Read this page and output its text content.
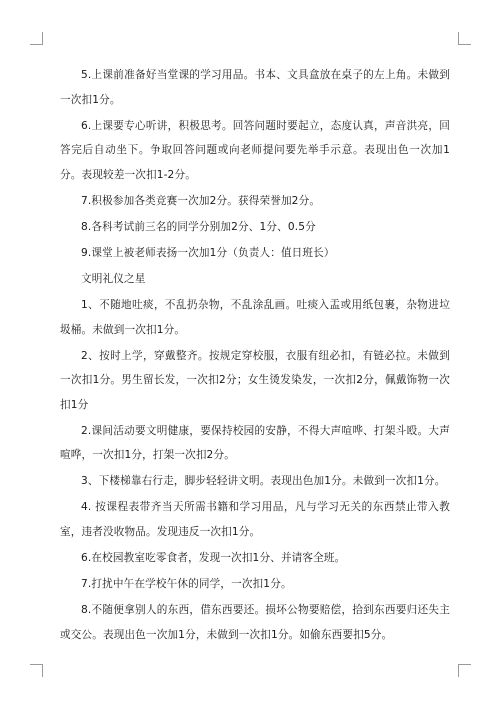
5.上课前准备好当堂课的学习用品。书本、文具盒放在桌子的左上角。未做到一次扣1分。

6.上课要专心听讲，积极思考。回答问题时要起立，态度认真，声音洪亮，回答完后自动坐下。争取回答问题或向老师提问要先举手示意。表现出色一次加1分。表现较差一次扣1-2分。

7.积极参加各类竞赛一次加2分。获得荣誉加2分。

8.各科考试前三名的同学分别加2分、1分、0.5分

9.课堂上被老师表扬一次加1分（负责人：值日班长）

文明礼仪之星

1、不随地吐痰，不乱扔杂物，不乱涂乱画。吐痰入盂或用纸包裹，杂物进垃圾桶。未做到一次扣1分。

2、按时上学，穿戴整齐。按规定穿校服，衣服有纽必扣，有链必拉。未做到一次扣1分。男生留长发，一次扣2分；女生烫发染发，一次扣2分，佩戴饰物一次扣1分

2.课间活动要文明健康，要保持校园的安静，不得大声喧哗、打架斗殴。大声喧哗，一次扣1分，打架一次扣2分。

3、下楼梯靠右行走，脚步轻轻讲文明。表现出色加1分。未做到一次扣1分。

4. 按课程表带齐当天所需书籍和学习用品，凡与学习无关的东西禁止带入教室，违者没收物品。发现违反一次扣1分。

6.在校园教室吃零食者，发现一次扣1分、并请客全班。

7.打扰中午在学校午休的同学，一次扣1分。

8.不随便拿别人的东西，借东西要还。损坏公物要赔偿，拾到东西要归还失主或交公。表现出色一次加1分，未做到一次扣1分。如偷东西要扣5分。
